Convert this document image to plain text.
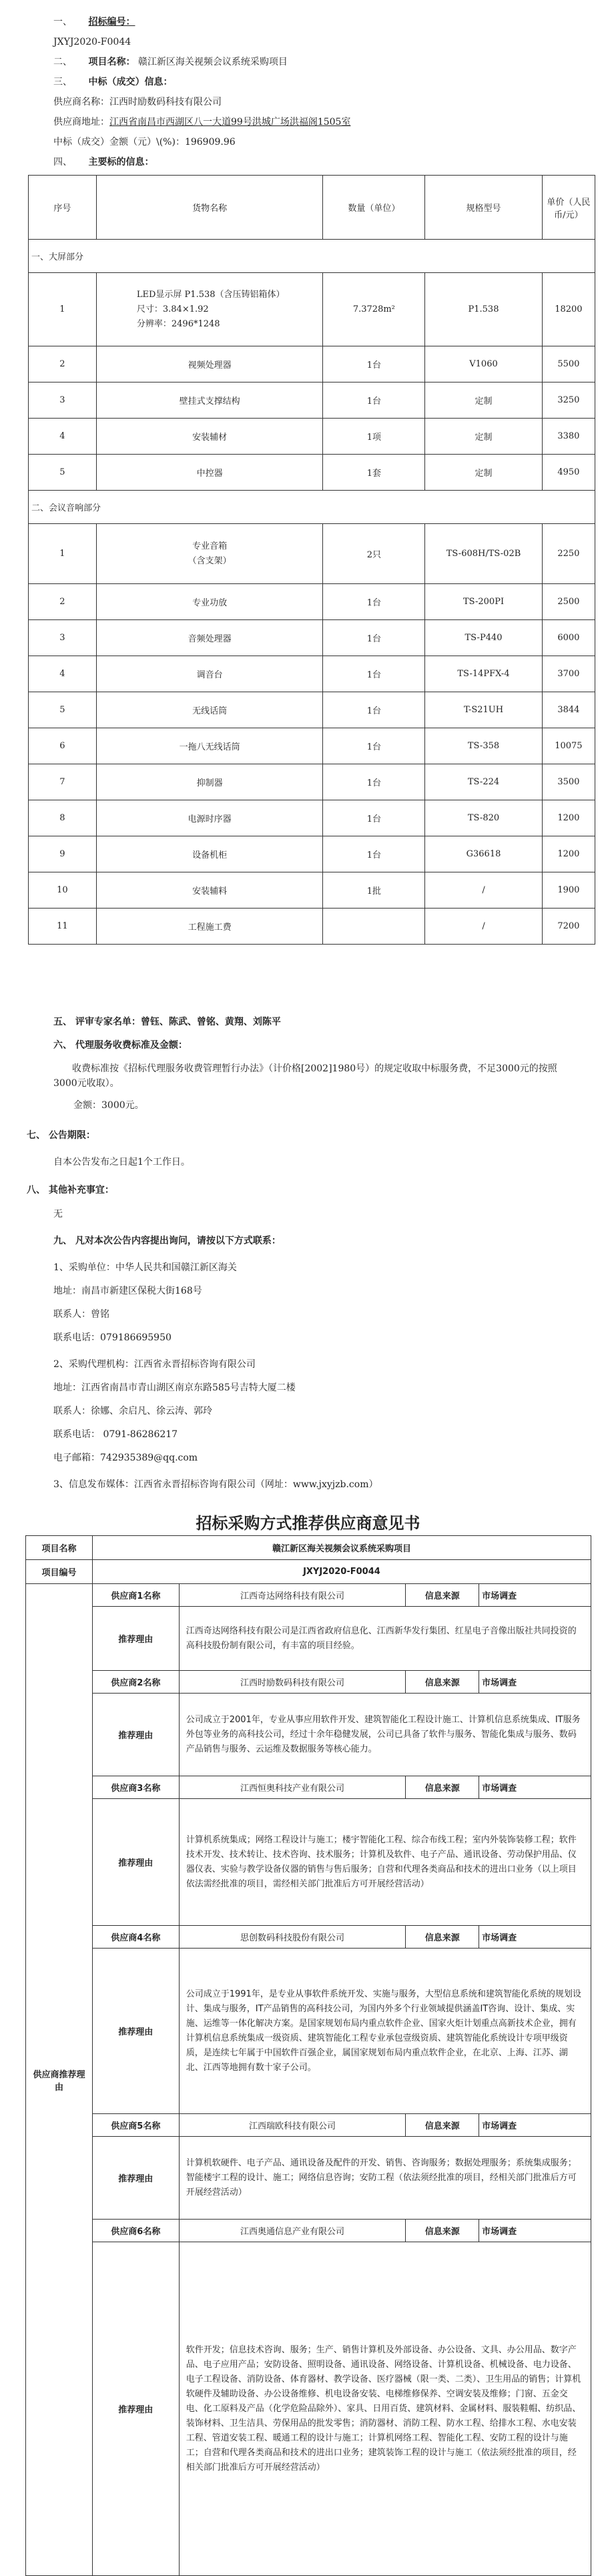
一、 招标编号：
JXYJ2020-F0044
二、 项目名称： 赣江新区海关视频会议系统采购项目
三、 中标（成交）信息：
供应商名称：江西时励数码科技有限公司
供应商地址：江西省南昌市西湖区八一大道99号洪城广场洪福阁1505室
中标（成交）金额（元）\(%)：196909.96
四、 主要标的信息：
序号	货物名称	数量（单位）	规格型号	单价（人民币/元）
一、大屏部分				
1	LED显示屏 P1.538（含压铸铝箱体）
尺寸：3.84×1.92
分辨率：2496*1248	7.3728m²	P1.538	18200
2	视频处理器	1台	V1060	5500
3	壁挂式支撑结构	1台	定制	3250
4	安装辅材	1项	定制	3380
5	中控器	1套	定制	4950
二、会议音响部分				
1	专业音箱
（含支架）	2只	TS-608H/TS-02B	2250
2	专业功放	1台	TS-200PI	2500
3	音频处理器	1台	TS-P440	6000
4	调音台	1台	TS-14PFX-4	3700
5	无线话筒	1台	T-S21UH	3844
6	一拖八无线话筒	1台	TS-358	10075
7	抑制器	1台	TS-224	3500
8	电源时序器	1台	TS-820	1200
9	设备机柜	1台	G36618	1200
10	安装辅料	1批	/	1900
11	工程施工费		/	7200
五、 评审专家名单：曾钰、陈武、曾铭、黄翔、刘陈平
六、 代理服务收费标准及金额：
收费标准按《招标代理服务收费管理暂行办法》（计价格[2002]1980号）的规定收取中标服务费，不足3000元的按照3000元收取）。
金额：3000元。
七、 公告期限：
自本公告发布之日起1个工作日。
八、 其他补充事宜：
无
九、 凡对本次公告内容提出询问，请按以下方式联系：
1、采购单位：中华人民共和国赣江新区海关
地址：南昌市新建区保税大街168号
联系人：曾铭
联系电话：079186695950
2、采购代理机构：江西省永晋招标咨询有限公司
地址：江西省南昌市青山湖区南京东路585号吉特大厦二楼
联系人：徐娜、余启凡、徐云涛、郭玲
联系电话： 0791-86286217
电子邮箱：742935389@qq.com
3、信息发布媒体：江西省永晋招标咨询有限公司（网址：www.jxyjzb.com）
招标采购方式推荐供应商意见书
项目名称	赣江新区海关视频会议系统采购项目			
项目编号	JXYJ2020-F0044			
供应商推荐理由	供应商1名称	江西奇达网络科技有限公司	信息来源	市场调查
	推荐理由	江西奇达网络科技有限公司是江西省政府信息化、江西新华发行集团、红星电子音像出版社共同投资的高科技股份制有限公司，有丰富的项目经验。		
	供应商2名称	江西时励数码科技有限公司	信息来源	市场调查
	推荐理由	公司成立于2001年，专业从事应用软件开发、建筑智能化工程设计施工、计算机信息系统集成、IT服务外包等业务的高科技公司，经过十余年稳健发展，公司已具备了软件与服务、智能化集成与服务、数码产品销售与服务、云运维及数据服务等核心能力。		
	供应商3名称	江西恒奥科技产业有限公司	信息来源	市场调查
	推荐理由	计算机系统集成；网络工程设计与施工；楼宇智能化工程、综合布线工程；室内外装饰装修工程；软件技术开发、技术转让、技术咨询、技术服务；计算机及软件、电子产品、通讯设备、劳动保护用品、仪器仪表、实验与教学设备仪器的销售与售后服务；自营和代理各类商品和技术的进出口业务（以上项目依法需经批准的项目，需经相关部门批准后方可开展经营活动）		
	供应商4名称	思创数码科技股份有限公司	信息来源	市场调查
	推荐理由	公司成立于1991年，是专业从事软件系统开发、实施与服务，大型信息系统和建筑智能化系统的规划设计、集成与服务，IT产品销售的高科技公司，为国内外多个行业领域提供涵盖IT咨询、设计、集成、实施、运维等一体化解决方案。是国家规划布局内重点软件企业、国家火炬计划重点高新技术企业，拥有计算机信息系统集成一级资质、建筑智能化工程专业承包壹级资质、建筑智能化系统设计专项甲级资质，是连续七年属于中国软件百强企业，属国家规划布局内重点软件企业，在北京、上海、江苏、湖北、江西等地拥有数十家子公司。		
	供应商5名称	江西瑞欧科技有限公司	信息来源	市场调查
	推荐理由	计算机软硬件、电子产品、通讯设备及配件的开发、销售、咨询服务；数据处理服务；系统集成服务；智能楼宇工程的设计、施工；网络信息咨询；安防工程（依法须经批准的项目，经相关部门批准后方可开展经营活动）		
	供应商6名称	江西奥通信息产业有限公司	信息来源	市场调查
	推荐理由	软件开发；信息技术咨询、服务；生产、销售计算机及外部设备、办公设备、文具、办公用品、数字产品、电子应用产品；安防设备、照明设备、通讯设备、网络设备、计算机设备、机械设备、电力设备、电子工程设备、消防设备、体育器材、教学设备、医疗器械（限一类、二类）、卫生用品的销售；计算机软硬件及辅助设备、办公设备维修、机电设备安装、电梯维修保养、空调安装及维修；门窗、五金交电、化工原料及产品（化学危险品除外）、家具、日用百货、建筑材料、金属材料、服装鞋帽、纺织品、装饰材料、卫生洁具、劳保用品的批发零售；消防器材、消防工程、防水工程、给排水工程、水电安装工程、管道安装工程、暖通工程的设计与施工；计算机网络工程、智能化工程、安防工程的设计与施工；自营和代理各类商品和技术的进出口业务；建筑装饰工程的设计与施工（依法须经批准的项目，经相关部门批准后方可开展经营活动）		
